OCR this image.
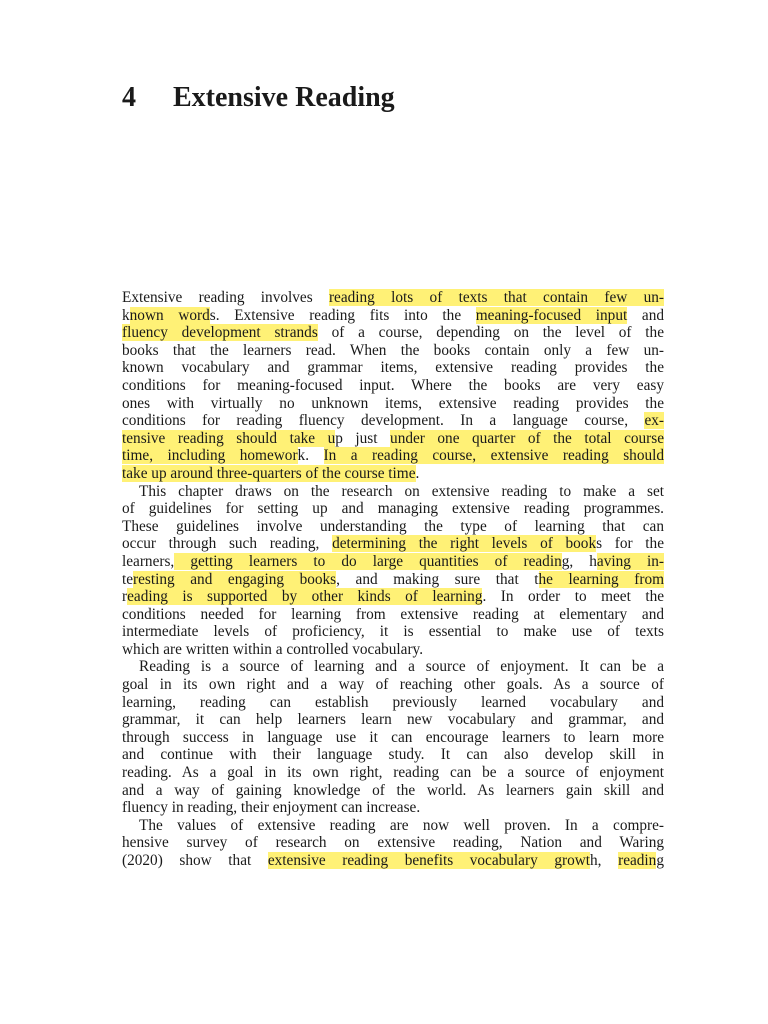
4 Extensive Reading
Extensive reading involves reading lots of texts that contain few un-
known words. Extensive reading fits into the meaning-focused input and
fluency development strands of a course, depending on the level of the
books that the learners read. When the books contain only a few un-
known vocabulary and grammar items, extensive reading provides the
conditions for meaning-focused input. Where the books are very easy
ones with virtually no unknown items, extensive reading provides the
conditions for reading fluency development. In a language course, ex-
tensive reading should take up just under one quarter of the total course
time, including homework. In a reading course, extensive reading should
take up around three-quarters of the course time.
This chapter draws on the research on extensive reading to make a set
of guidelines for setting up and managing extensive reading programmes.
These guidelines involve understanding the type of learning that can
occur through such reading, determining the right levels of books for the
learners, getting learners to do large quantities of reading, having in-
teresting and engaging books, and making sure that the learning from
reading is supported by other kinds of learning. In order to meet the
conditions needed for learning from extensive reading at elementary and
intermediate levels of proficiency, it is essential to make use of texts
which are written within a controlled vocabulary.
Reading is a source of learning and a source of enjoyment. It can be a
goal in its own right and a way of reaching other goals. As a source of
learning, reading can establish previously learned vocabulary and
grammar, it can help learners learn new vocabulary and grammar, and
through success in language use it can encourage learners to learn more
and continue with their language study. It can also develop skill in
reading. As a goal in its own right, reading can be a source of enjoyment
and a way of gaining knowledge of the world. As learners gain skill and
fluency in reading, their enjoyment can increase.
The values of extensive reading are now well proven. In a compre-
hensive survey of research on extensive reading, Nation and Waring
(2020) show that extensive reading benefits vocabulary growth, reading
